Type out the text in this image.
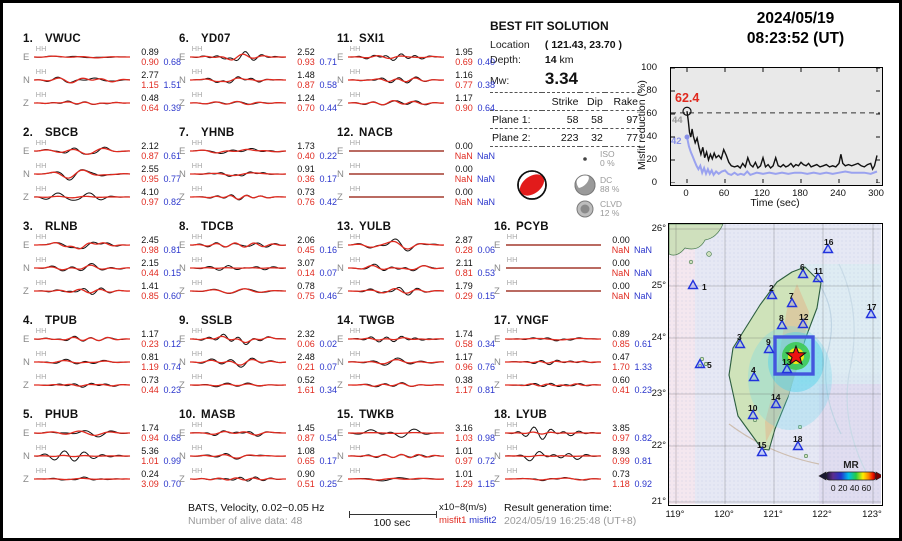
2024/05/19
08:23:52 (UT)
BEST FIT SOLUTION
Location ( 121.43, 23.70 )
Depth: 14 km
Mw: 3.34
	Strike	Dip	Rake
Plane 1:	58	58	97
Plane 2:	223	32	77
ISO
0 %
DC
88 %
CLVD
12 %
Misfit reduction (%) 62.4
44
42
Time (sec)
MR
0 20 40 60
1	2
3
4
5
6
7
8
9
10
11
12
13
14
15
16
17
18
BATS, Velocity, 0.02−0.05 Hz
Number of alive data: 48	100 sec
x10−8(m/s)
misfit1 misfit2
Result generation time:
2024/05/19 16:25:48 (UT+8)
1. VWUC
E
HH	0.89
0.90 0.68
N
HH	2.77
1.15 1.51
Z
HH	0.48
0.64 0.39
2. SBCB
E
HH	2.12
0.87 0.61
N
HH	2.55
0.95 0.77
Z
HH	4.10
0.97 0.82
3. RLNB
E
HH	2.45
0.98 0.81
N
HH	2.15
0.44 0.15
Z
HH	1.41
0.85 0.60
4. TPUB
E
HH	1.17
0.23 0.12
N
HH	0.81
1.19 0.74
Z
HH	0.73
0.44 0.23
5. PHUB
E
HH	1.74
0.94 0.68
N
HH	5.36
1.01 0.99
Z
HH	0.24
3.09 0.70
6. YD07
E
HH	2.52
0.93 0.71
N
HH	1.48
0.87 0.58
Z
HH	1.24
0.70 0.44
7. YHNB
E
HH	1.73
0.40 0.22
N
HH	0.91
0.36 0.17
Z
HH	0.73
0.76 0.42
8. TDCB
E
HH	2.06
0.45 0.16
N
HH	3.07
0.14 0.07
Z
HH	0.78
0.75 0.46
9. SSLB
E
HH	2.32
0.06 0.02
N
HH	2.48
0.21 0.07
Z
HH	0.52
1.61 0.34
10. MASB
E
HH	1.45
0.87 0.54
N
HH	1.08
0.65 0.17
Z
HH	0.90
0.51 0.25
11. SXI1
E
HH	1.95
0.69 0.40
N
HH	1.16
0.77 0.38
Z
HH	1.17
0.90 0.64
12. NACB
E
HH	0.00
NaN NaN
N
HH	0.00
NaN NaN
Z
HH	0.00
NaN NaN
13. YULB
E
HH	2.87
0.28 0.06
N
HH	2.11
0.81 0.53
Z
HH	1.79
0.29 0.15
14. TWGB
E
HH	1.74
0.58 0.34
N
HH	1.17
0.96 0.76
Z
HH	0.38
1.17 0.81
15. TWKB
E
HH	3.16
1.03 0.98
N
HH	1.01
0.97 0.72
Z
HH	1.01
1.29 1.15
16. PCYB
E
HH	0.00
NaN NaN
N
HH	0.00
NaN NaN
Z
HH	0.00
NaN NaN
17. YNGF
E
HH	0.89
0.85 0.61
N
HH	0.47
1.70 1.33
Z
HH	0.60
0.41 0.23
18. LYUB
E
HH	3.85
0.97 0.82
N
HH	8.93
0.99 0.81
Z
HH	0.73
1.18 0.92
100
80
60
40
20
0
0	60	120	180	240	300
26°
25°
24°
23°
22°
21°
119°	120°	121°	122°	123°
